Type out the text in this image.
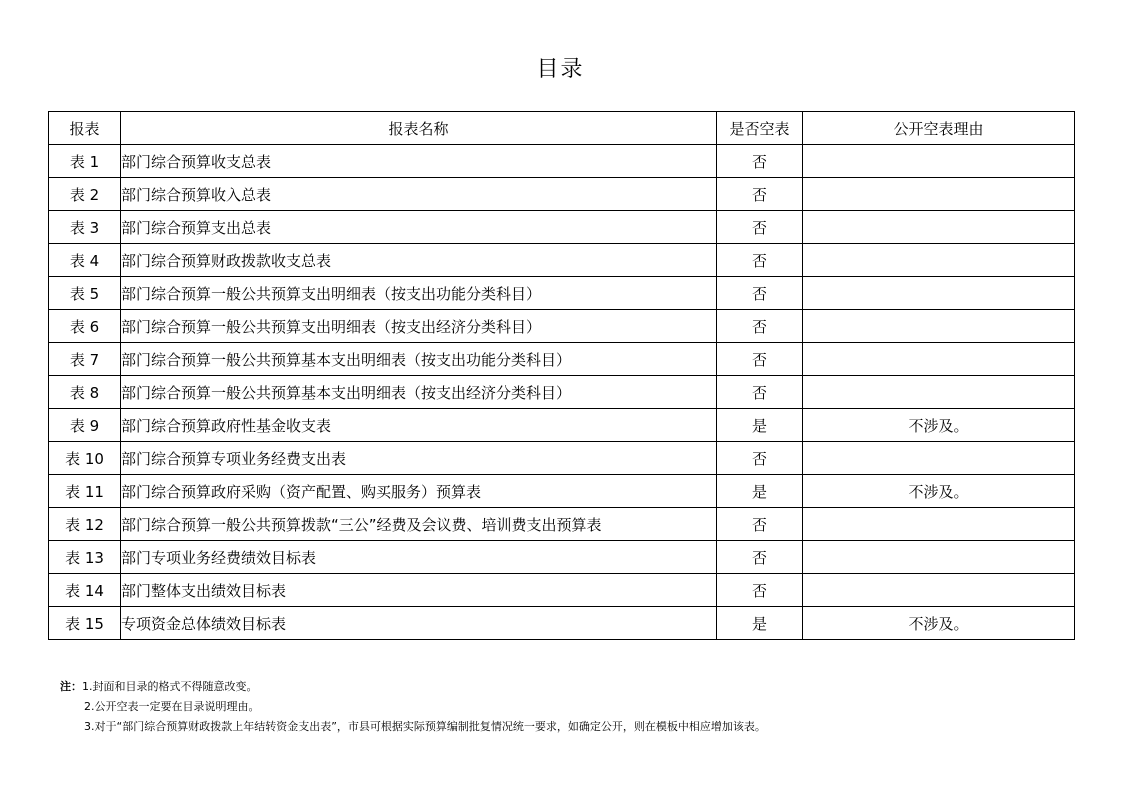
目录
报表	报表名称	是否空表	公开空表理由
表 1	部门综合预算收支总表	否	
表 2	部门综合预算收入总表	否	
表 3	部门综合预算支出总表	否	
表 4	部门综合预算财政拨款收支总表	否	
表 5	部门综合预算一般公共预算支出明细表（按支出功能分类科目）	否	
表 6	部门综合预算一般公共预算支出明细表（按支出经济分类科目）	否	
表 7	部门综合预算一般公共预算基本支出明细表（按支出功能分类科目）	否	
表 8	部门综合预算一般公共预算基本支出明细表（按支出经济分类科目）	否	
表 9	部门综合预算政府性基金收支表	是	不涉及。
表 10	部门综合预算专项业务经费支出表	否	
表 11	部门综合预算政府采购（资产配置、购买服务）预算表	是	不涉及。
表 12	部门综合预算一般公共预算拨款“三公”经费及会议费、培训费支出预算表	否	
表 13	部门专项业务经费绩效目标表	否	
表 14	部门整体支出绩效目标表	否	
表 15	专项资金总体绩效目标表	是	不涉及。
注：1.封面和目录的格式不得随意改变。
2.公开空表一定要在目录说明理由。
3.对于“部门综合预算财政拨款上年结转资金支出表”，市县可根据实际预算编制批复情况统一要求，如确定公开，则在模板中相应增加该表。
